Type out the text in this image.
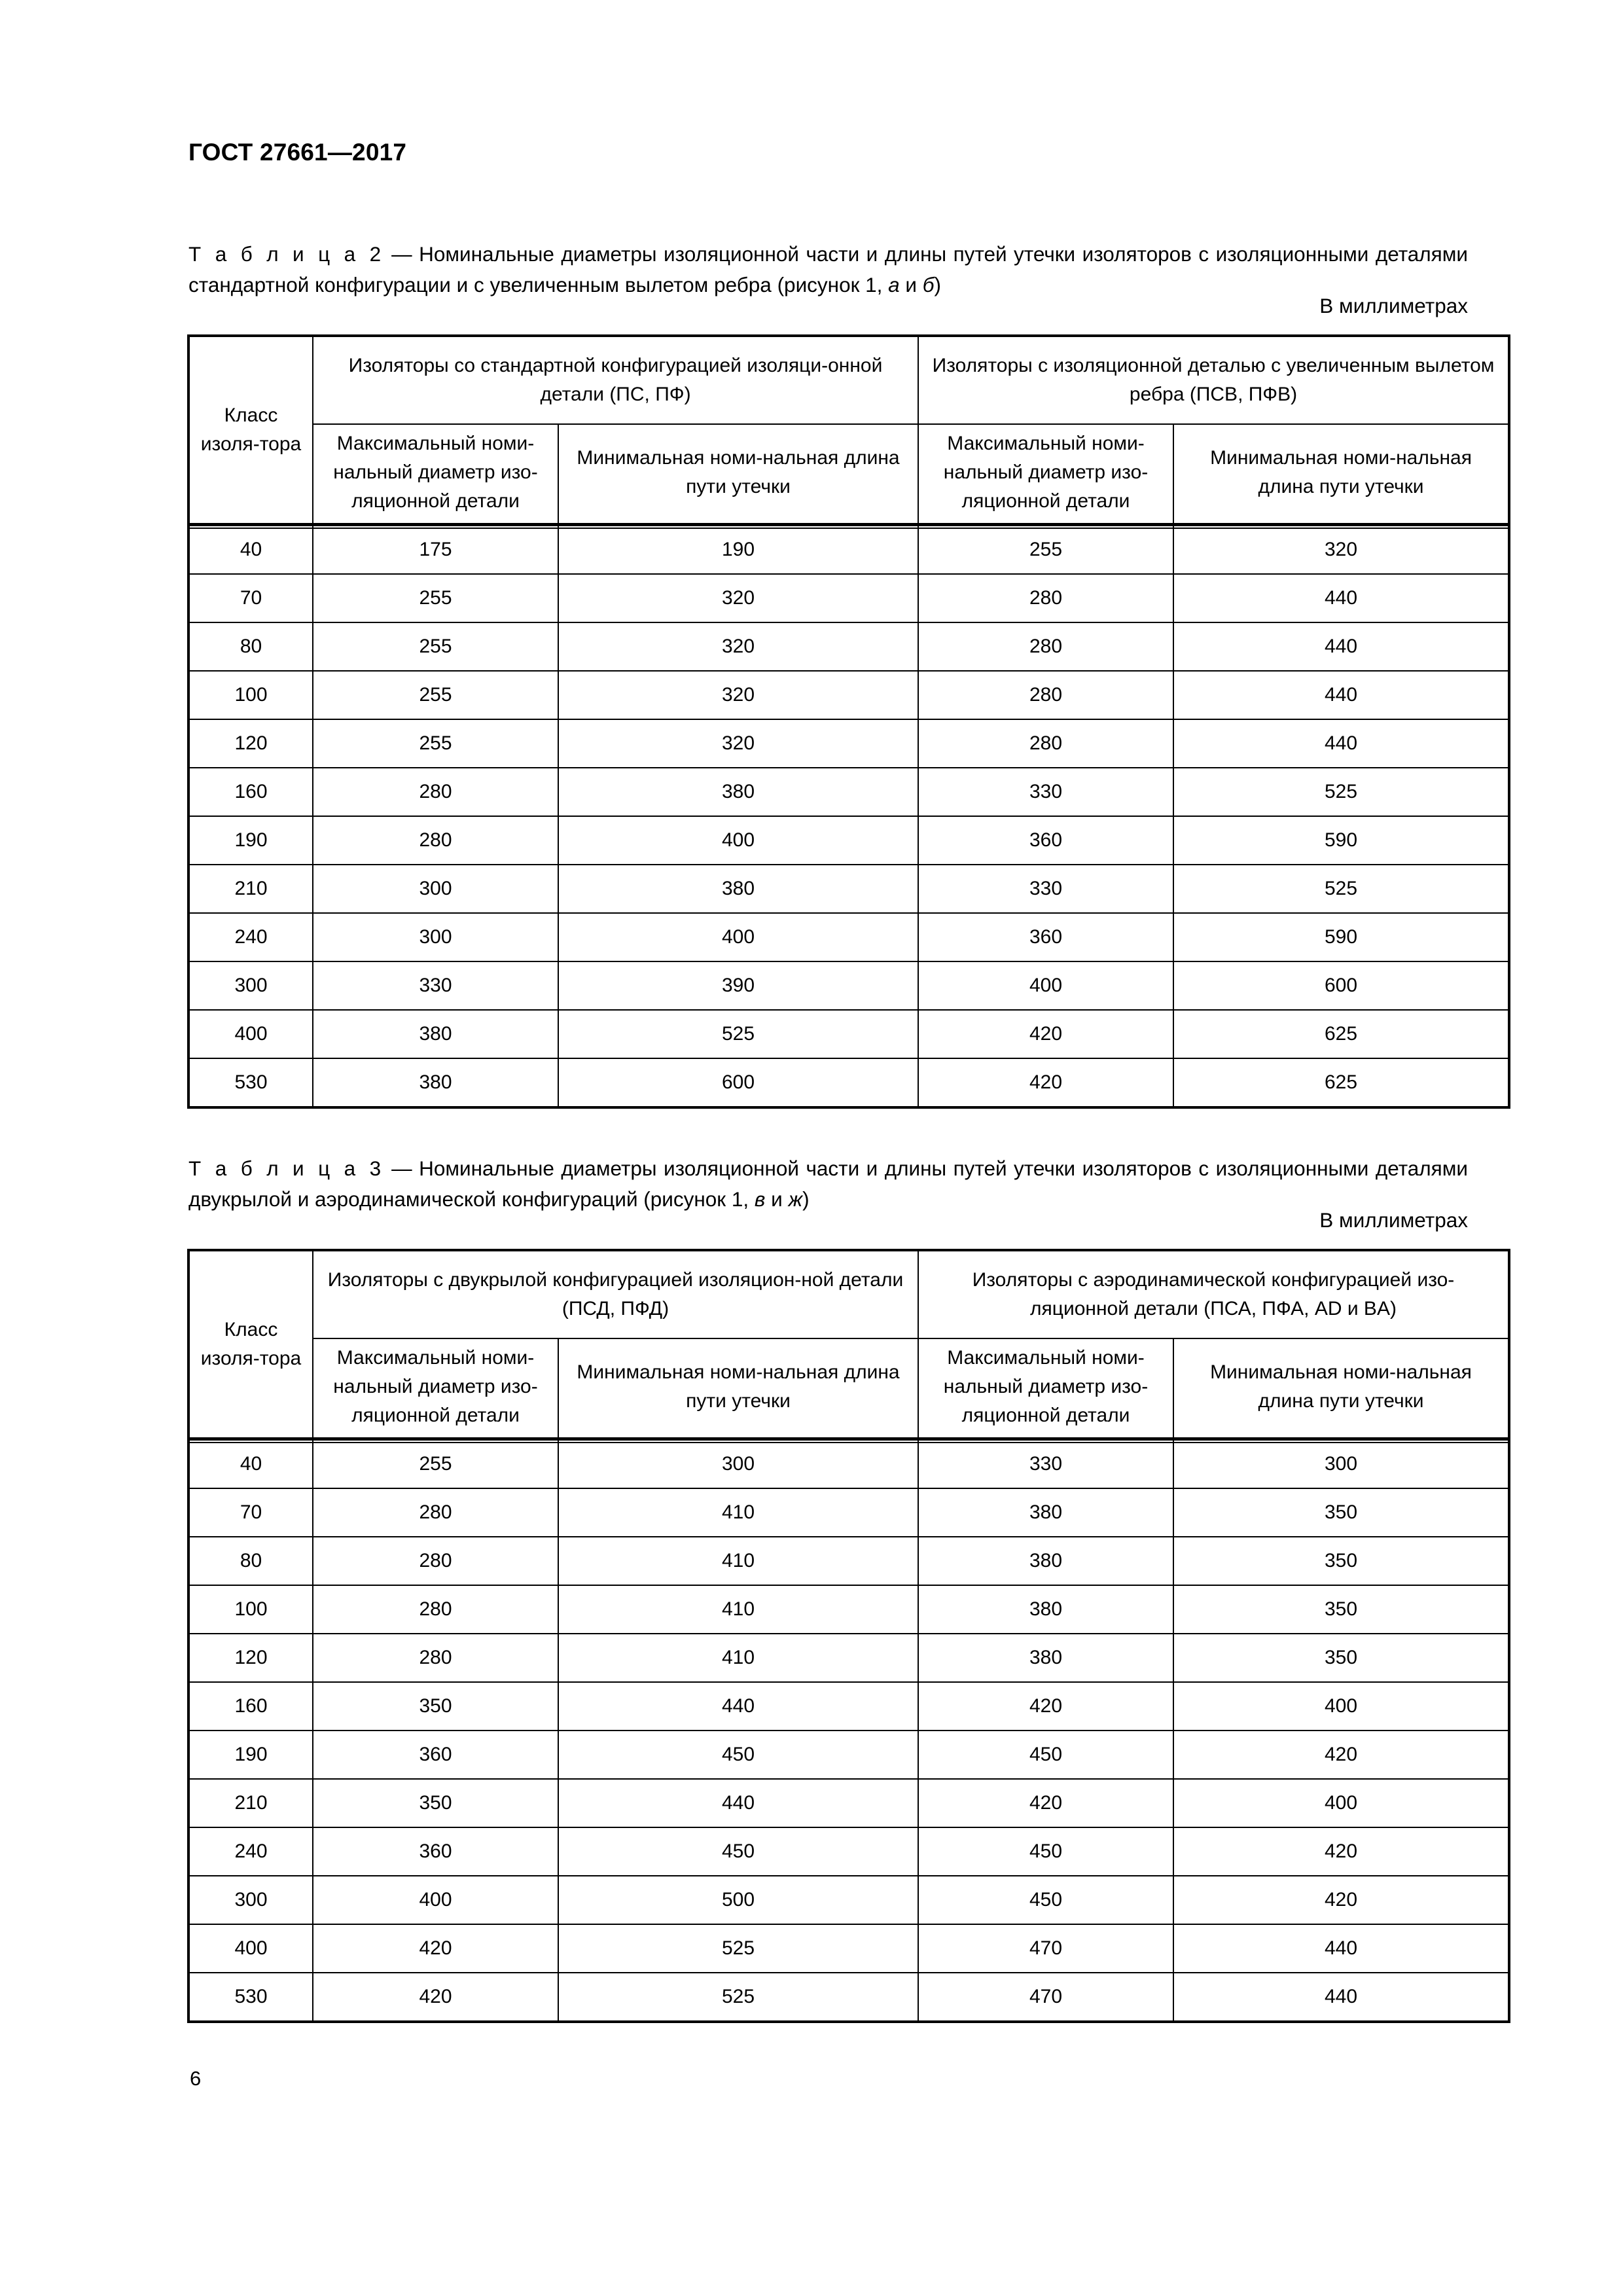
ГОСТ 27661—2017
Т а б л и ц а 2 — Номинальные диаметры изоляционной части и длины путей утечки изоляторов с изоляционными деталями стандартной конфигурации и с увеличенным вылетом ребра (рисунок 1, а и б)
В миллиметрах
Класс изоля-тора	Изоляторы со стандартной конфигурацией изоляци-онной детали (ПС, ПФ)		Изоляторы с изоляционной деталью с увеличенным вылетом ребра (ПСВ, ПФВ)	
	Максимальный номи-нальный диаметр изо-ляционной детали	Минимальная номи-нальная длина пути утечки	Максимальный номи-нальный диаметр изо-ляционной детали	Минимальная номи-нальная длина пути утечки
40	175	190	255	320
70	255	320	280	440
80	255	320	280	440
100	255	320	280	440
120	255	320	280	440
160	280	380	330	525
190	280	400	360	590
210	300	380	330	525
240	300	400	360	590
300	330	390	400	600
400	380	525	420	625
530	380	600	420	625
Т а б л и ц а 3 — Номинальные диаметры изоляционной части и длины путей утечки изоляторов с изоляционными деталями двукрылой и аэродинамической конфигураций (рисунок 1, в и ж)
В миллиметрах
Класс изоля-тора	Изоляторы с двукрылой конфигурацией изоляцион-ной детали (ПСД, ПФД)		Изоляторы с аэродинамической конфигурацией изо-ляционной детали (ПСА, ПФА, AD и BA)	
	Максимальный номи-нальный диаметр изо-ляционной детали	Минимальная номи-нальная длина пути утечки	Максимальный номи-нальный диаметр изо-ляционной детали	Минимальная номи-нальная длина пути утечки
40	255	300	330	300
70	280	410	380	350
80	280	410	380	350
100	280	410	380	350
120	280	410	380	350
160	350	440	420	400
190	360	450	450	420
210	350	440	420	400
240	360	450	450	420
300	400	500	450	420
400	420	525	470	440
530	420	525	470	440
6
